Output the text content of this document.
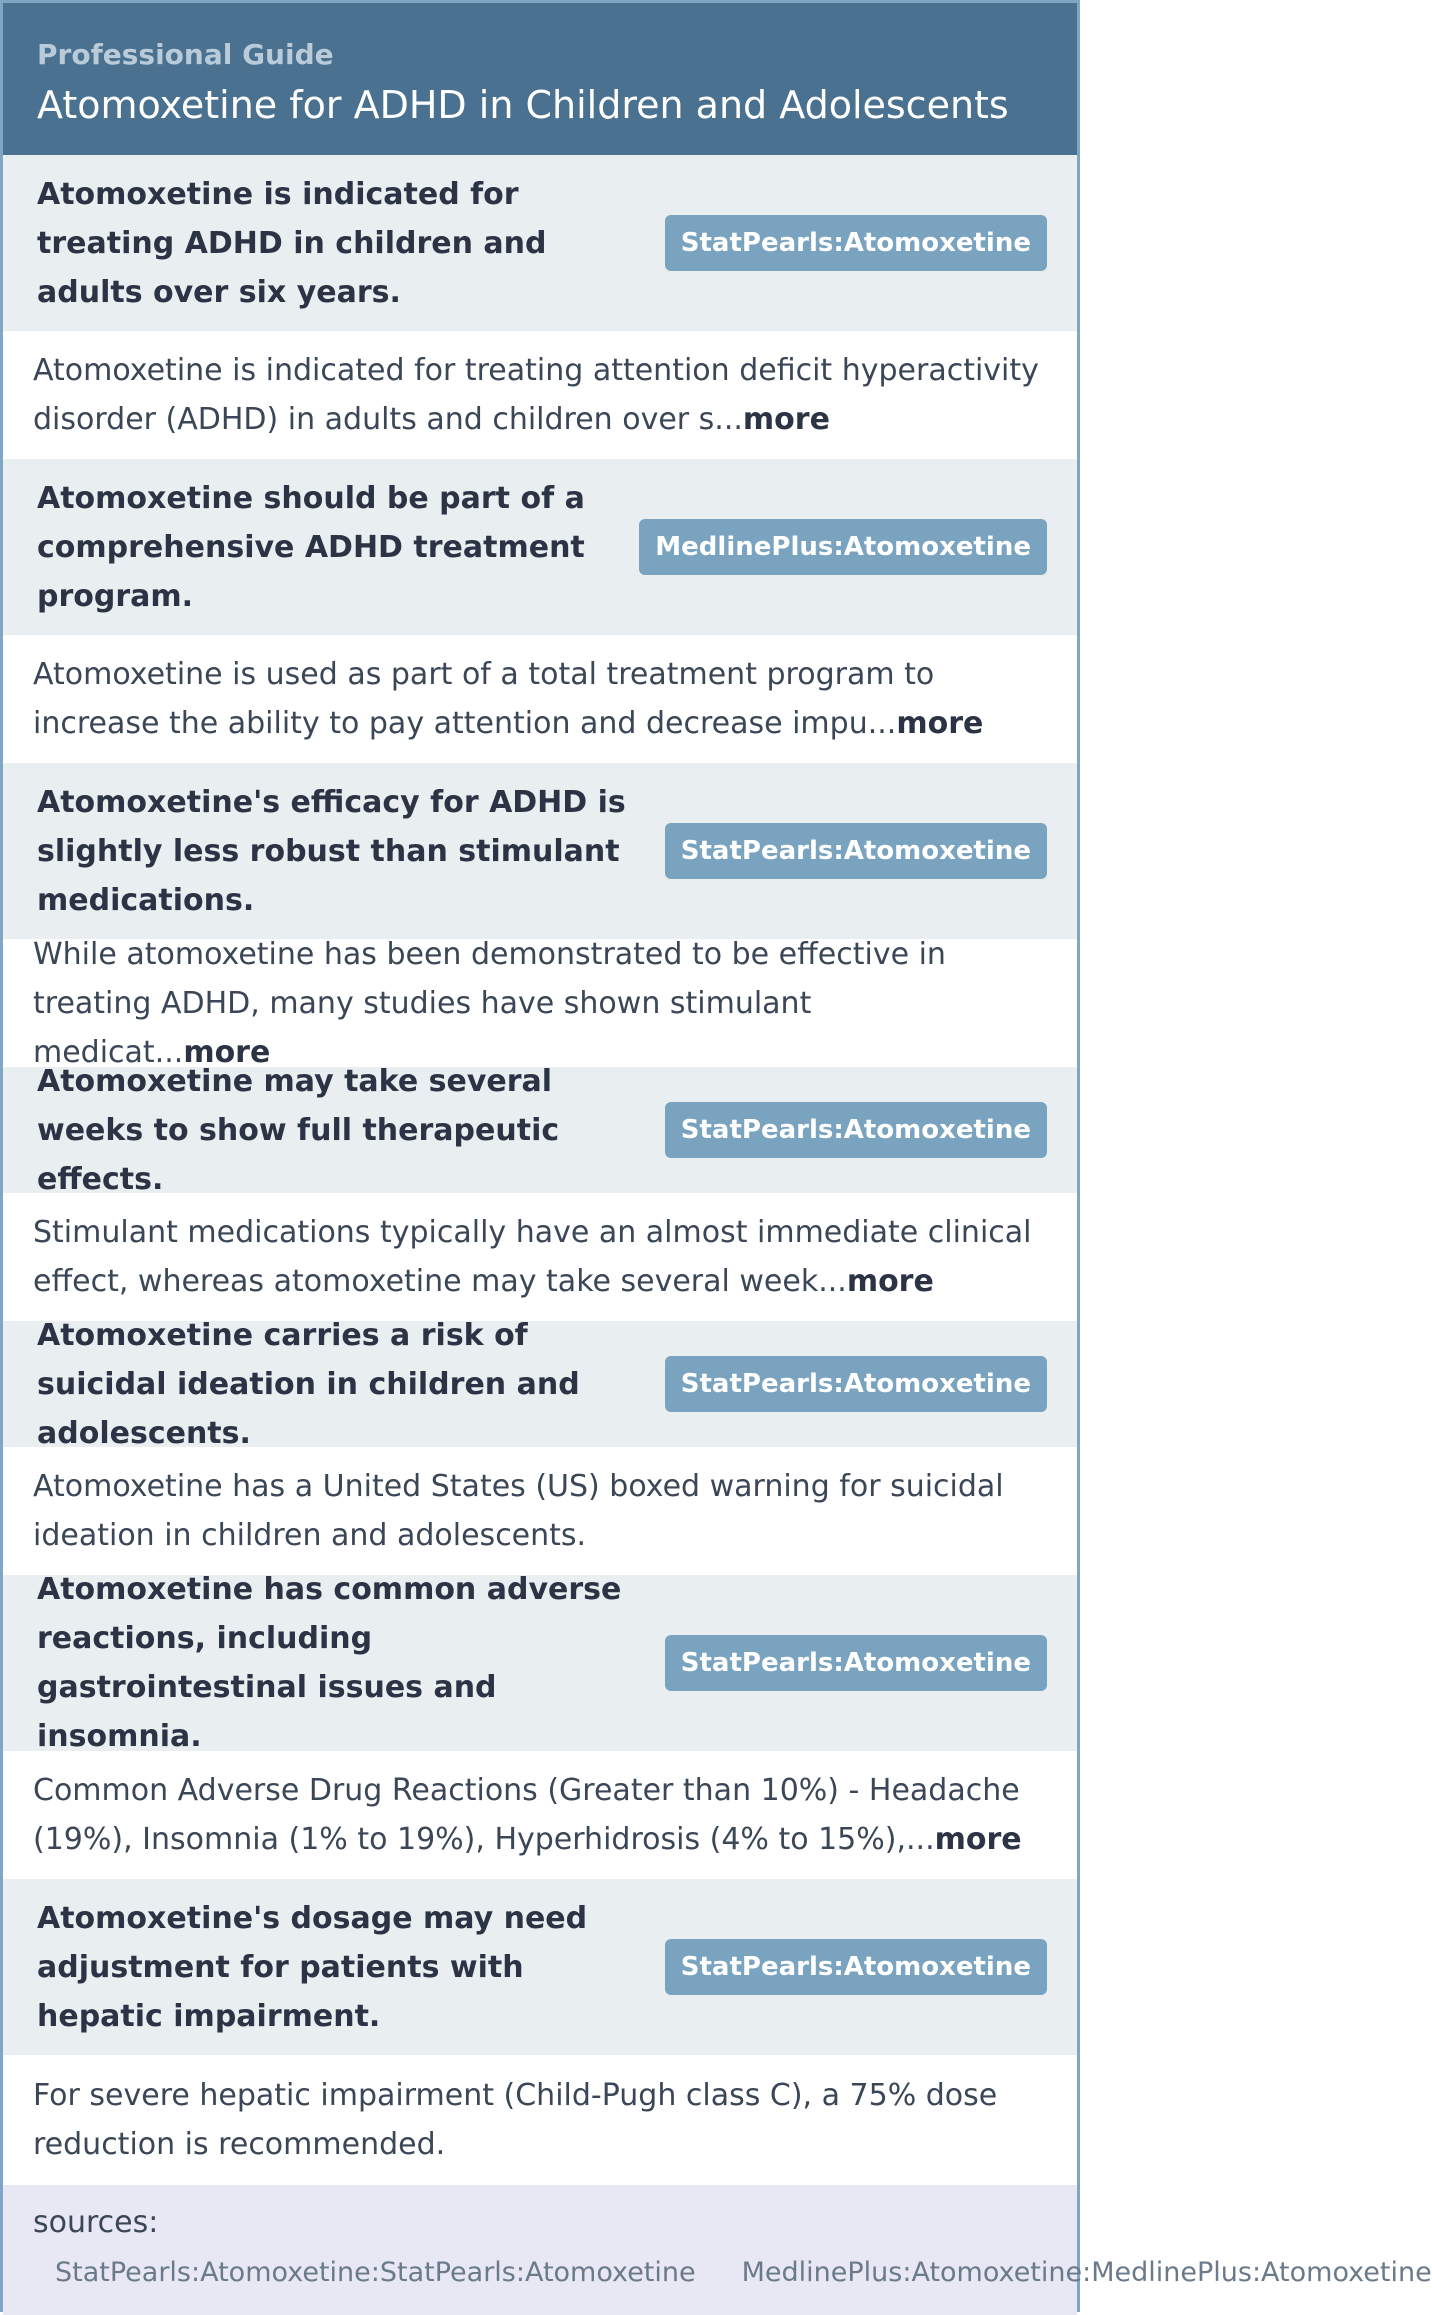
Professional Guide
Atomoxetine for ADHD in Children and Adolescents
Atomoxetine is indicated for treating ADHD in children and adults over six years.
StatPearls:Atomoxetine
Atomoxetine is indicated for treating attention deficit hyperactivity disorder (ADHD) in adults and children over s...more
Atomoxetine should be part of a comprehensive ADHD treatment program.
MedlinePlus:Atomoxetine
Atomoxetine is used as part of a total treatment program to increase the ability to pay attention and decrease impu...more
Atomoxetine's efficacy for ADHD is slightly less robust than stimulant medications.
StatPearls:Atomoxetine
While atomoxetine has been demonstrated to be effective in treating ADHD, many studies have shown stimulant medicat...more
Atomoxetine may take several weeks to show full therapeutic effects.
StatPearls:Atomoxetine
Stimulant medications typically have an almost immediate clinical effect, whereas atomoxetine may take several week...more
Atomoxetine carries a risk of suicidal ideation in children and adolescents.
StatPearls:Atomoxetine
Atomoxetine has a United States (US) boxed warning for suicidal ideation in children and adolescents.
Atomoxetine has common adverse reactions, including gastrointestinal issues and insomnia.
StatPearls:Atomoxetine
Common Adverse Drug Reactions (Greater than 10%) - Headache (19%), Insomnia (1% to 19%), Hyperhidrosis (4% to 15%),...more
Atomoxetine's dosage may need adjustment for patients with hepatic impairment.
StatPearls:Atomoxetine
For severe hepatic impairment (Child-Pugh class C), a 75% dose reduction is recommended.
sources:
StatPearls:Atomoxetine:StatPearls:Atomoxetine MedlinePlus:Atomoxetine:MedlinePlus:Atomoxetine
